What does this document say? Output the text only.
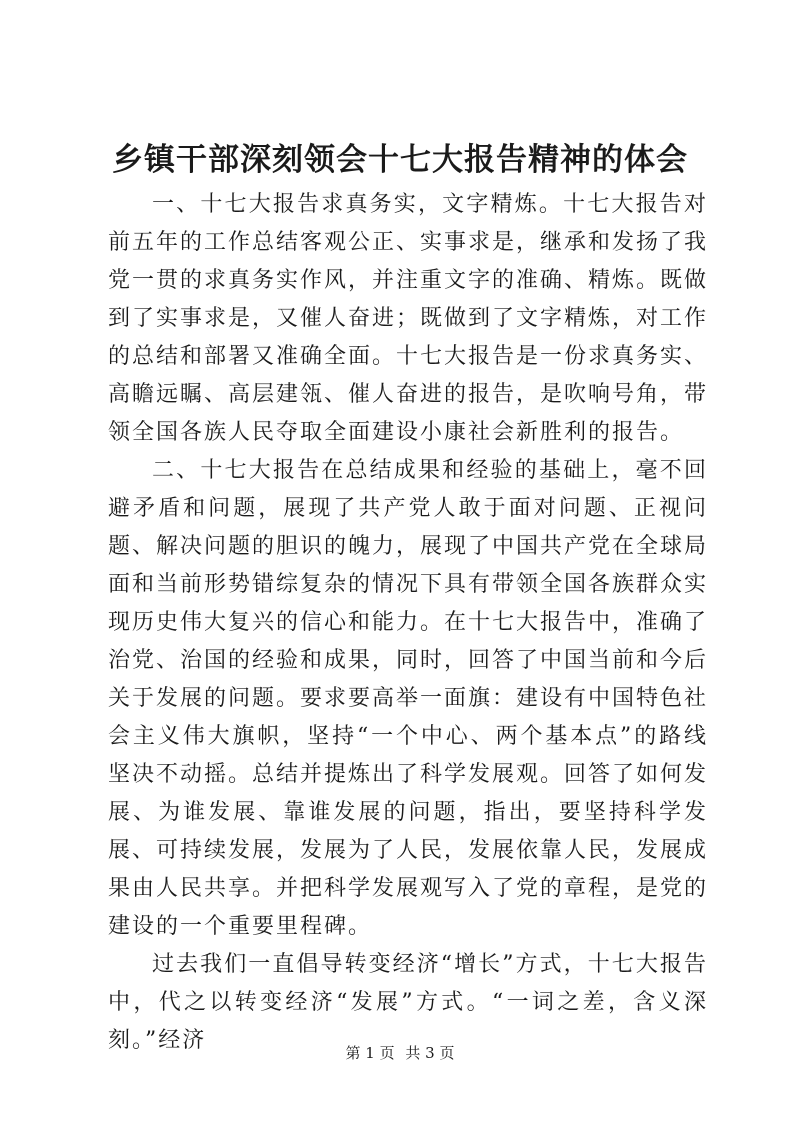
乡镇干部深刻领会十七大报告精神的体会

一、十七大报告求真务实，文字精炼。十七大报告对前五年的工作总结客观公正、实事求是，继承和发扬了我党一贯的求真务实作风，并注重文字的准确、精炼。既做到了实事求是，又催人奋进；既做到了文字精炼，对工作的总结和部署又准确全面。十七大报告是一份求真务实、高瞻远瞩、高层建瓴、催人奋进的报告，是吹响号角，带领全国各族人民夺取全面建设小康社会新胜利的报告。

二、十七大报告在总结成果和经验的基础上，毫不回避矛盾和问题，展现了共产党人敢于面对问题、正视问题、解决问题的胆识的魄力，展现了中国共产党在全球局面和当前形势错综复杂的情况下具有带领全国各族群众实现历史伟大复兴的信心和能力。在十七大报告中，准确了治党、治国的经验和成果，同时，回答了中国当前和今后关于发展的问题。要求要高举一面旗：建设有中国特色社会主义伟大旗帜，坚持“一个中心、两个基本点”的路线坚决不动摇。总结并提炼出了科学发展观。回答了如何发展、为谁发展、靠谁发展的问题，指出，要坚持科学发展、可持续发展，发展为了人民，发展依靠人民，发展成果由人民共享。并把科学发展观写入了党的章程，是党的建设的一个重要里程碑。

过去我们一直倡导转变经济“增长”方式，十七大报告中，代之以转变经济“发展”方式。“一词之差，含义深刻。”经济	第 1 页 共 3 页
